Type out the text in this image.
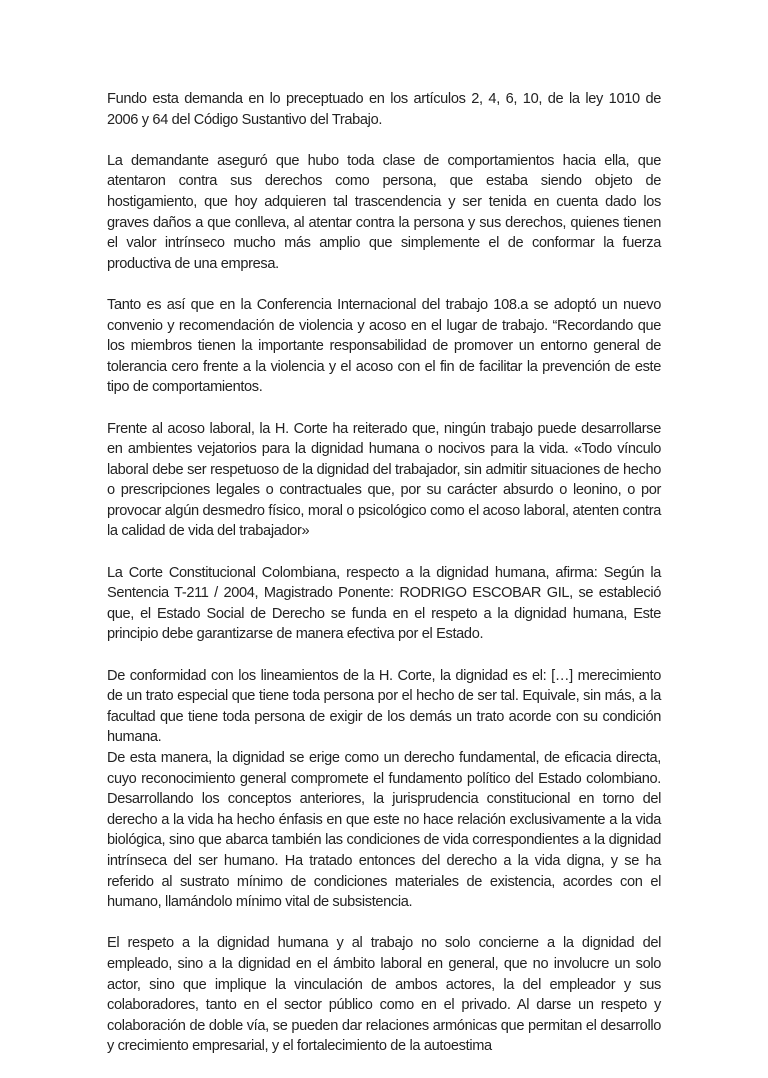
Fundo esta demanda en lo preceptuado en los artículos 2, 4, 6, 10, de la ley 1010 de 2006 y 64 del Código Sustantivo del Trabajo.

La demandante aseguró que hubo toda clase de comportamientos hacia ella, que atentaron contra sus derechos como persona, que estaba siendo objeto de hostigamiento, que hoy adquieren tal trascendencia y ser tenida en cuenta dado los graves daños a que conlleva, al atentar contra la persona y sus derechos, quienes tienen el valor intrínseco mucho más amplio que simplemente el de conformar la fuerza productiva de una empresa.

Tanto es así que en la Conferencia Internacional del trabajo 108.a se adoptó un nuevo convenio y recomendación de violencia y acoso en el lugar de trabajo. “Recordando que los miembros tienen la importante responsabilidad de promover un entorno general de tolerancia cero frente a la violencia y el acoso con el fin de facilitar la prevención de este tipo de comportamientos.

Frente al acoso laboral, la H. Corte ha reiterado que, ningún trabajo puede desarrollarse en ambientes vejatorios para la dignidad humana o nocivos para la vida. «Todo vínculo laboral debe ser respetuoso de la dignidad del trabajador, sin admitir situaciones de hecho o prescripciones legales o contractuales que, por su carácter absurdo o leonino, o por provocar algún desmedro físico, moral o psicológico como el acoso laboral, atenten contra la calidad de vida del trabajador»

La Corte Constitucional Colombiana, respecto a la dignidad humana, afirma: Según la Sentencia T-211 / 2004, Magistrado Ponente: RODRIGO ESCOBAR GIL, se estableció que, el Estado Social de Derecho se funda en el respeto a la dignidad humana, Este principio debe garantizarse de manera efectiva por el Estado.

De conformidad con los lineamientos de la H. Corte, la dignidad es el: […] merecimiento de un trato especial que tiene toda persona por el hecho de ser tal. Equivale, sin más, a la facultad que tiene toda persona de exigir de los demás un trato acorde con su condición humana.

De esta manera, la dignidad se erige como un derecho fundamental, de eficacia directa, cuyo reconocimiento general compromete el fundamento político del Estado colombiano. Desarrollando los conceptos anteriores, la jurisprudencia constitucional en torno del derecho a la vida ha hecho énfasis en que este no hace relación exclusivamente a la vida biológica, sino que abarca también las condiciones de vida correspondientes a la dignidad intrínseca del ser humano. Ha tratado entonces del derecho a la vida digna, y se ha referido al sustrato mínimo de condiciones materiales de existencia, acordes con el humano, llamándolo mínimo vital de subsistencia.

El respeto a la dignidad humana y al trabajo no solo concierne a la dignidad del empleado, sino a la dignidad en el ámbito laboral en general, que no involucre un solo actor, sino que implique la vinculación de ambos actores, la del empleador y sus colaboradores, tanto en el sector público como en el privado. Al darse un respeto y colaboración de doble vía, se pueden dar relaciones armónicas que permitan el desarrollo y crecimiento empresarial, y el fortalecimiento de la autoestima
